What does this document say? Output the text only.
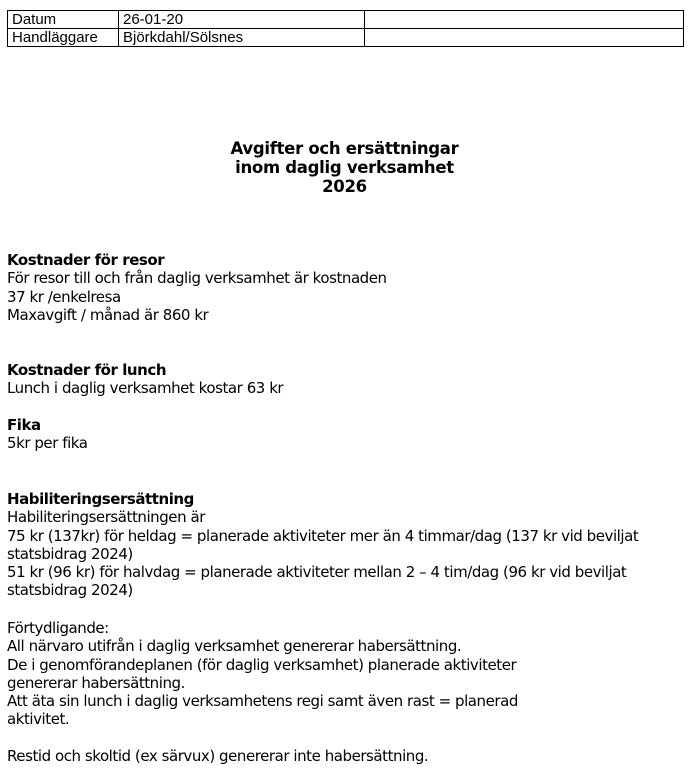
Datum	26-01-20	
Handläggare	Björkdahl/Sölsnes	
Avgifter och ersättningar
inom daglig verksamhet
2026
Kostnader för resor
För resor till och från daglig verksamhet är kostnaden
37 kr /enkelresa
Maxavgift / månad är 860 kr
Kostnader för lunch
Lunch i daglig verksamhet kostar 63 kr
Fika
5kr per fika
Habiliteringsersättning
Habiliteringsersättningen är
75 kr (137kr) för heldag = planerade aktiviteter mer än 4 timmar/dag (137 kr vid beviljat
statsbidrag 2024)
51 kr (96 kr) för halvdag = planerade aktiviteter mellan 2 – 4 tim/dag (96 kr vid beviljat
statsbidrag 2024)
Förtydligande:
All närvaro utifrån i daglig verksamhet genererar habersättning.
De i genomförandeplanen (för daglig verksamhet) planerade aktiviteter
genererar habersättning.
Att äta sin lunch i daglig verksamhetens regi samt även rast = planerad
aktivitet.
Restid och skoltid (ex särvux) genererar inte habersättning.
